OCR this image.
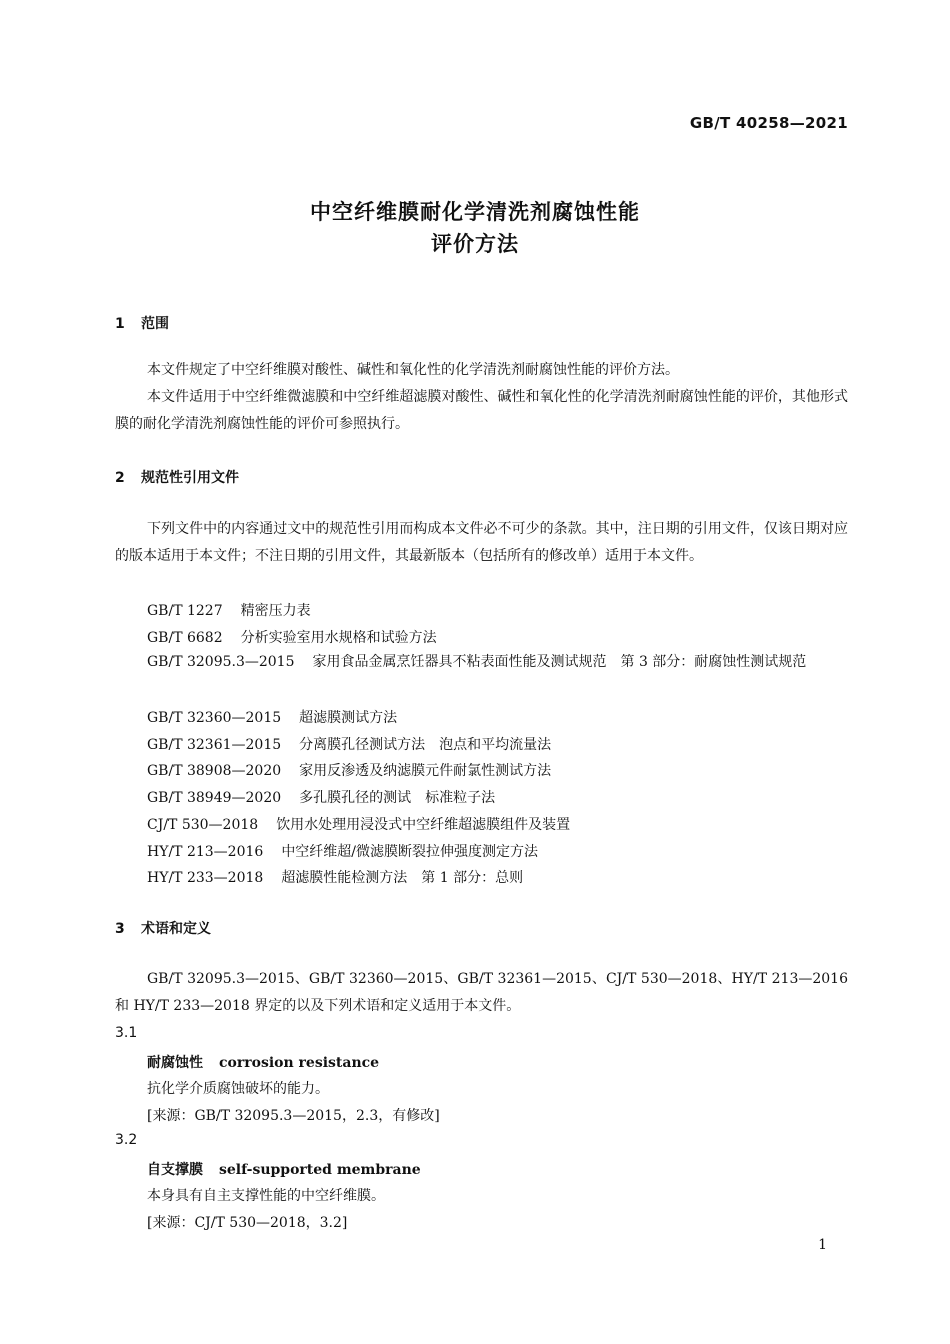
GB/T 40258—2021
中空纤维膜耐化学清洗剂腐蚀性能
评价方法
1 范围
本文件规定了中空纤维膜对酸性、碱性和氧化性的化学清洗剂耐腐蚀性能的评价方法。
本文件适用于中空纤维微滤膜和中空纤维超滤膜对酸性、碱性和氧化性的化学清洗剂耐腐蚀性能的评价，其他形式膜的耐化学清洗剂腐蚀性能的评价可参照执行。
2 规范性引用文件
下列文件中的内容通过文中的规范性引用而构成本文件必不可少的条款。其中，注日期的引用文件，仅该日期对应的版本适用于本文件；不注日期的引用文件，其最新版本（包括所有的修改单）适用于本文件。
GB/T 1227 精密压力表
GB/T 6682 分析实验室用水规格和试验方法
GB/T 32095.3—2015 家用食品金属烹饪器具不粘表面性能及测试规范　第 3 部分：耐腐蚀性测试规范
GB/T 32360—2015 超滤膜测试方法
GB/T 32361—2015 分离膜孔径测试方法　泡点和平均流量法
GB/T 38908—2020 家用反渗透及纳滤膜元件耐氯性测试方法
GB/T 38949—2020 多孔膜孔径的测试　标准粒子法
CJ/T 530—2018 饮用水处理用浸没式中空纤维超滤膜组件及装置
HY/T 213—2016 中空纤维超/微滤膜断裂拉伸强度测定方法
HY/T 233—2018 超滤膜性能检测方法　第 1 部分：总则
3 术语和定义
GB/T 32095.3—2015、GB/T 32360—2015、GB/T 32361—2015、CJ/T 530—2018、HY/T 213—2016 和 HY/T 233—2018 界定的以及下列术语和定义适用于本文件。
3.1
耐腐蚀性 corrosion resistance
抗化学介质腐蚀破坏的能力。
[来源：GB/T 32095.3—2015，2.3，有修改]
3.2
自支撑膜 self-supported membrane
本身具有自主支撑性能的中空纤维膜。
[来源：CJ/T 530—2018，3.2]
1
